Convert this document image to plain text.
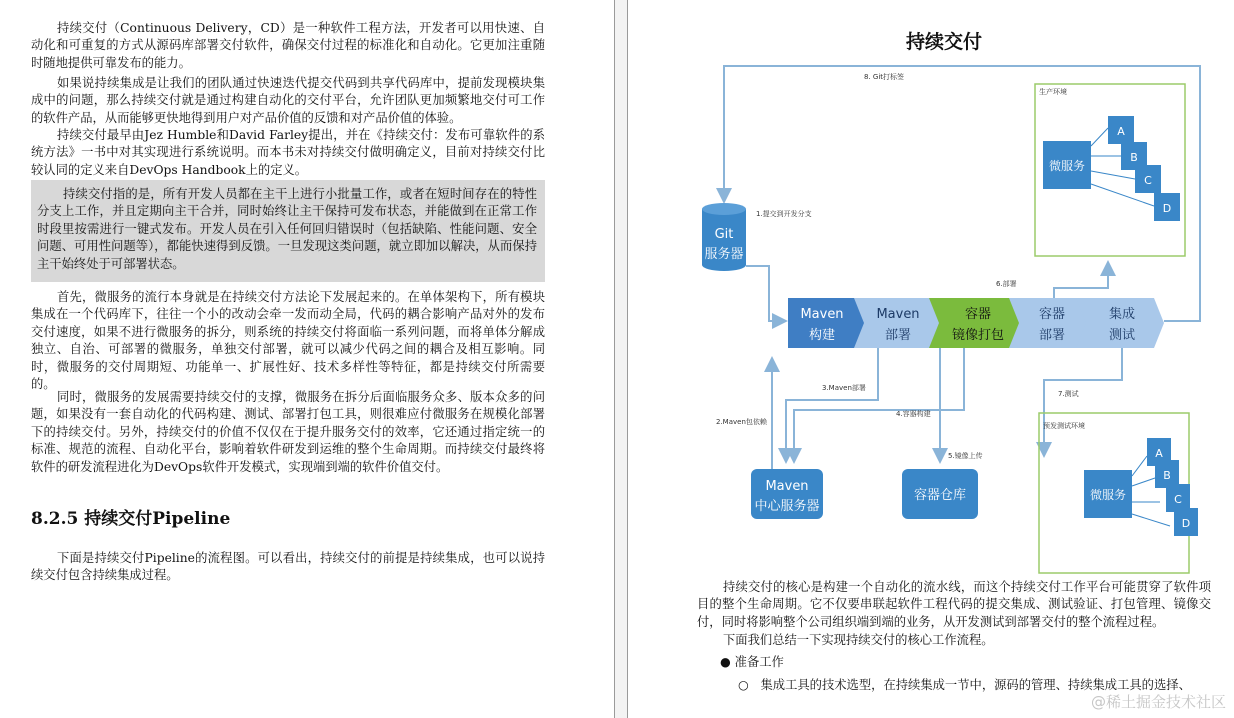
持续交付（Continuous Delivery，CD）是一种软件工程方法，开发者可以用快速、自动化和可重复的方式从源码库部署交付软件，确保交付过程的标准化和自动化。它更加注重随时随地提供可靠发布的能力。

如果说持续集成是让我们的团队通过快速迭代提交代码到共享代码库中，提前发现模块集成中的问题，那么持续交付就是通过构建自动化的交付平台，允许团队更加频繁地交付可工作的软件产品，从而能够更快地得到用户对产品价值的反馈和对产品价值的体验。

持续交付最早由Jez Humble和David Farley提出，并在《持续交付：发布可靠软件的系统方法》一书中对其实现进行系统说明。而本书未对持续交付做明确定义，目前对持续交付比较认同的定义来自DevOps Handbook上的定义。

持续交付指的是，所有开发人员都在主干上进行小批量工作，或者在短时间存在的特性分支上工作，并且定期向主干合并，同时始终让主干保持可发布状态，并能做到在正常工作时段里按需进行一键式发布。开发人员在引入任何回归错误时（包括缺陷、性能问题、安全问题、可用性问题等），都能快速得到反馈。一旦发现这类问题，就立即加以解决，从而保持主干始终处于可部署状态。

首先，微服务的流行本身就是在持续交付方法论下发展起来的。在单体架构下，所有模块集成在一个代码库下，往往一个小的改动会牵一发而动全局，代码的耦合影响产品对外的发布交付速度，如果不进行微服务的拆分，则系统的持续交付将面临一系列问题，而将单体分解成独立、自治、可部署的微服务，单独交付部署，就可以减少代码之间的耦合及相互影响。同时，微服务的交付周期短、功能单一、扩展性好、技术多样性等特征，都是持续交付所需要的。

同时，微服务的发展需要持续交付的支撑，微服务在拆分后面临服务众多、版本众多的问题，如果没有一套自动化的代码构建、测试、部署打包工具，则很难应付微服务在规模化部署下的持续交付。另外，持续交付的价值不仅仅在于提升服务交付的效率，它还通过指定统一的标准、规范的流程、自动化平台，影响着软件研发到运维的整个生命周期。而持续交付最终将软件的研发流程进化为DevOps软件开发模式，实现端到端的软件价值交付。

8.2.5 持续交付Pipeline

下面是持续交付Pipeline的流程图。可以看出，持续交付的前提是持续集成，也可以说持续交付包含持续集成过程。

持续交付
8. Git打标签
生产环境
微服务
A
B
C
D
Git
服务器
1.提交到开发分支
Maven
构建
Maven
部署
容器
镜像打包
容器
部署
集成
测试
6.部署
7.测试
预发测试环境
微服务
A
B
C
D
Maven
中心服务器
容器仓库
2.Maven包依赖
3.Maven部署
4.容器构建
5.镜像上传

持续交付的核心是构建一个自动化的流水线，而这个持续交付工作平台可能贯穿了软件项目的整个生命周期。它不仅要串联起软件工程代码的提交集成、测试验证、打包管理、镜像交付，同时将影响整个公司组织端到端的业务，从开发测试到部署交付的整个流程过程。

下面我们总结一下实现持续交付的核心工作流程。

● 准备工作

○   集成工具的技术选型，在持续集成一节中，源码的管理、持续集成工具的选择、

@稀土掘金技术社区
